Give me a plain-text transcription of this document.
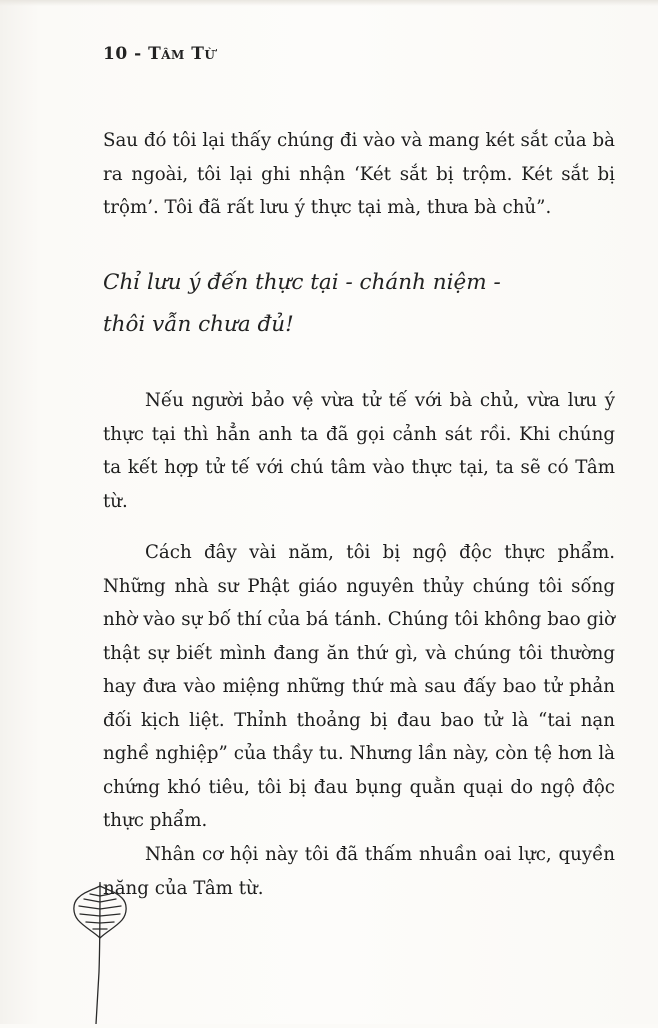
10 - Tâm Từ

Sau đó tôi lại thấy chúng đi vào và mang két sắt của bà ra ngoài, tôi lại ghi nhận ‘Két sắt bị trộm. Két sắt bị trộm’. Tôi đã rất lưu ý thực tại mà, thưa bà chủ”.

Chỉ lưu ý đến thực tại - chánh niệm -
thôi vẫn chưa đủ!

Nếu người bảo vệ vừa tử tế với bà chủ, vừa lưu ý thực tại thì hẳn anh ta đã gọi cảnh sát rồi. Khi chúng ta kết hợp tử tế với chú tâm vào thực tại, ta sẽ có Tâm từ.

Cách đây vài năm, tôi bị ngộ độc thực phẩm. Những nhà sư Phật giáo nguyên thủy chúng tôi sống nhờ vào sự bố thí của bá tánh. Chúng tôi không bao giờ thật sự biết mình đang ăn thứ gì, và chúng tôi thường hay đưa vào miệng những thứ mà sau đấy bao tử phản đối kịch liệt. Thỉnh thoảng bị đau bao tử là “tai nạn nghề nghiệp” của thầy tu. Nhưng lần này, còn tệ hơn là chứng khó tiêu, tôi bị đau bụng quằn quại do ngộ độc thực phẩm.

Nhân cơ hội này tôi đã thấm nhuần oai lực, quyền năng của Tâm từ.
